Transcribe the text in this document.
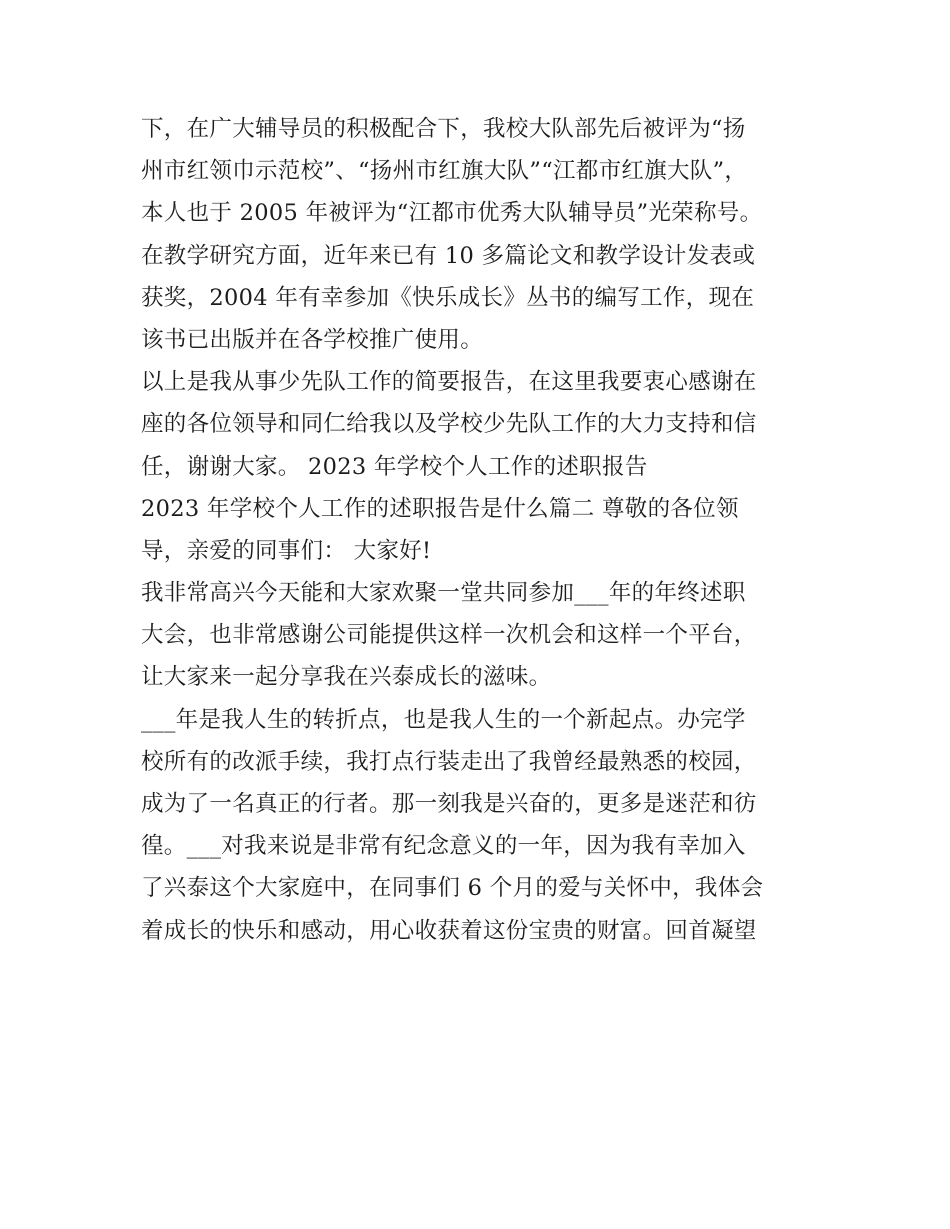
下，在广大辅导员的积极配合下，我校大队部先后被评为“扬
州市红领巾示范校”、“扬州市红旗大队”“江都市红旗大队”，
本人也于 2005 年被评为“江都市优秀大队辅导员”光荣称号。
在教学研究方面，近年来已有 10 多篇论文和教学设计发表或
获奖，2004 年有幸参加《快乐成长》丛书的编写工作，现在
该书已出版并在各学校推广使用。
以上是我从事少先队工作的简要报告，在这里我要衷心感谢在
座的各位领导和同仁给我以及学校少先队工作的大力支持和信
任，谢谢大家。 2023 年学校个人工作的述职报告
2023 年学校个人工作的述职报告是什么篇二 尊敬的各位领
导，亲爱的同事们： 大家好!
我非常高兴今天能和大家欢聚一堂共同参加___年的年终述职
大会，也非常感谢公司能提供这样一次机会和这样一个平台，
让大家来一起分享我在兴泰成长的滋味。
___年是我人生的转折点，也是我人生的一个新起点。办完学
校所有的改派手续，我打点行装走出了我曾经最熟悉的校园，
成为了一名真正的行者。那一刻我是兴奋的，更多是迷茫和彷
徨。___对我来说是非常有纪念意义的一年，因为我有幸加入
了兴泰这个大家庭中，在同事们 6 个月的爱与关怀中，我体会
着成长的快乐和感动，用心收获着这份宝贵的财富。回首凝望
